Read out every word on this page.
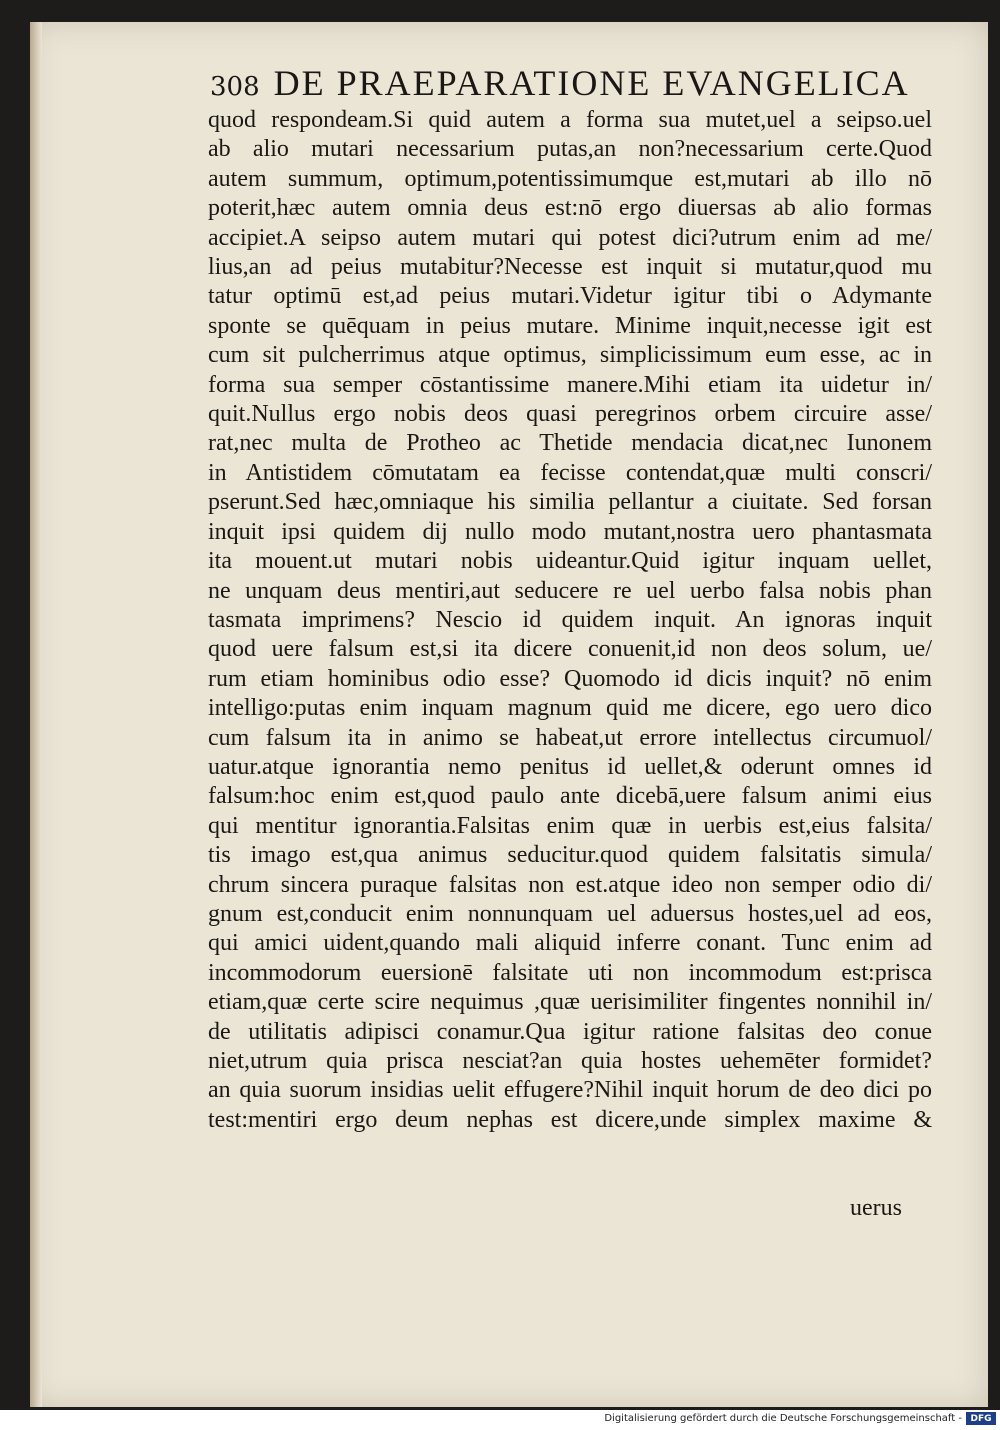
308 DE PRAEPARATIONE EVANGELICA
quod respondeam.Si quid autem a forma sua mutet,uel a seipso.uel
ab alio mutari necessarium putas,an non?necessarium certe.Quod
autem summum, optimum,potentissimumque est,mutari ab illo nō
poterit,hæc autem omnia deus est:nō ergo diuersas ab alio formas
accipiet.A seipso autem mutari qui potest dici?utrum enim ad me/
lius,an ad peius mutabitur?Necesse est inquit si mutatur,quod mu
tatur optimū est,ad peius mutari.Videtur igitur tibi o Adymante
sponte se quēquam in peius mutare. Minime inquit,necesse igit est
cum sit pulcherrimus atque optimus, simplicissimum eum esse, ac in
forma sua semper cōstantissime manere.Mihi etiam ita uidetur in/
quit.Nullus ergo nobis deos quasi peregrinos orbem circuire asse/
rat,nec multa de Protheo ac Thetide mendacia dicat,nec Iunonem
in Antistidem cōmutatam ea fecisse contendat,quæ multi conscri/
pserunt.Sed hæc,omniaque his similia pellantur a ciuitate. Sed forsan
inquit ipsi quidem dij nullo modo mutant,nostra uero phantasmata
ita mouent.ut mutari nobis uideantur.Quid igitur inquam uellet,
ne unquam deus mentiri,aut seducere re uel uerbo falsa nobis phan
tasmata imprimens? Nescio id quidem inquit. An ignoras inquit
quod uere falsum est,si ita dicere conuenit,id non deos solum, ue/
rum etiam hominibus odio esse? Quomodo id dicis inquit? nō enim
intelligo:putas enim inquam magnum quid me dicere, ego uero dico
cum falsum ita in animo se habeat,ut errore intellectus circumuol/
uatur.atque ignorantia nemo penitus id uellet,& oderunt omnes id
falsum:hoc enim est,quod paulo ante dicebā,uere falsum animi eius
qui mentitur ignorantia.Falsitas enim quæ in uerbis est,eius falsita/
tis imago est,qua animus seducitur.quod quidem falsitatis simula/
chrum sincera puraque falsitas non est.atque ideo non semper odio di/
gnum est,conducit enim nonnunquam uel aduersus hostes,uel ad eos,
qui amici uident,quando mali aliquid inferre conant. Tunc enim ad
incommodorum euersionē falsitate uti non incommodum est:prisca
etiam,quæ certe scire nequimus ,quæ uerisimiliter fingentes nonnihil in/
de utilitatis adipisci conamur.Qua igitur ratione falsitas deo conue
niet,utrum quia prisca nesciat?an quia hostes uehemēter formidet?
an quia suorum insidias uelit effugere?Nihil inquit horum de deo dici po
test:mentiri ergo deum nephas est dicere,unde simplex maxime &
uerus
Digitalisierung gefördert durch die Deutsche Forschungsgemeinschaft - DFG
